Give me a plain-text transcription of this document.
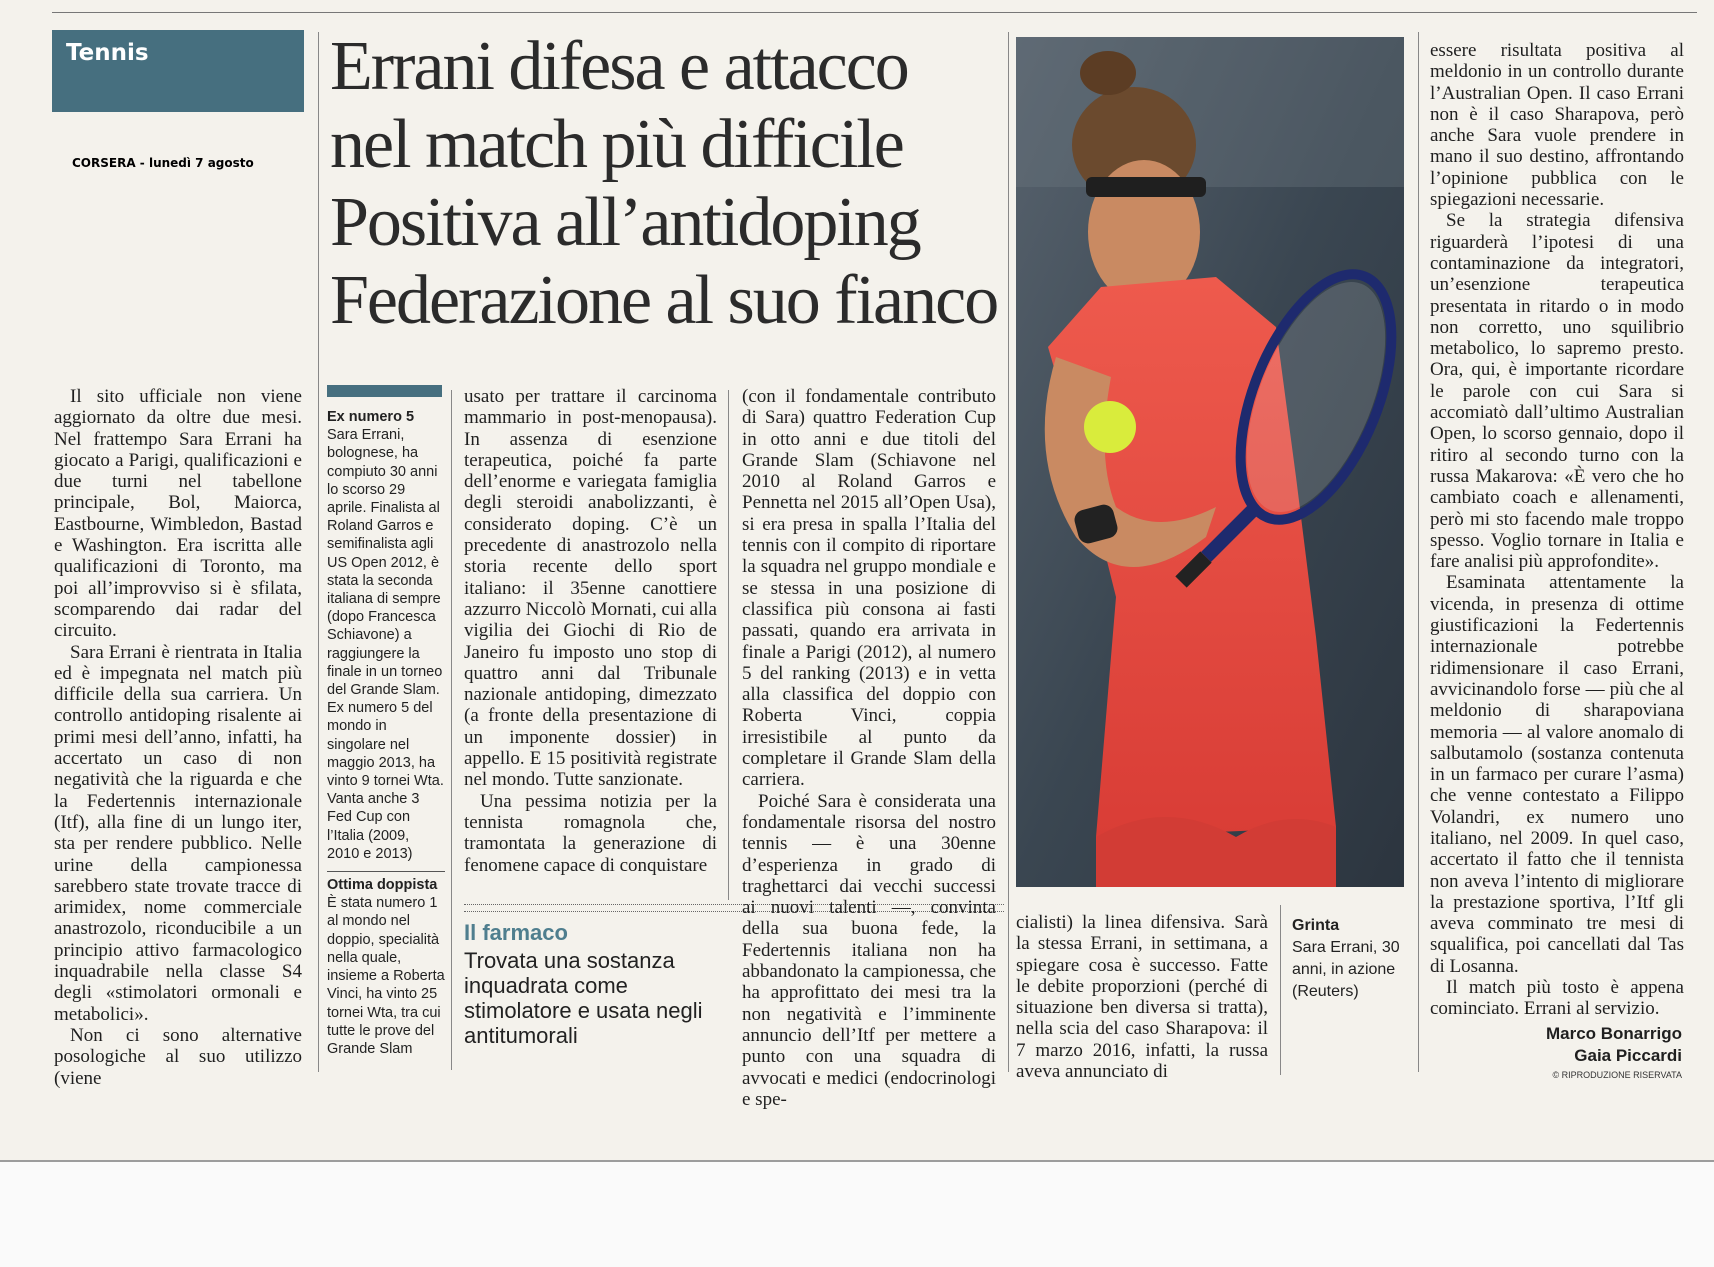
Tennis
CORSERA - lunedì 7 agosto
Errani difesa e attacco
nel match più difficile
Positiva all’antidoping
Federazione al suo fianco

Il sito ufficiale non viene aggiornato da oltre due mesi. Nel frattempo Sara Errani ha giocato a Parigi, qualificazioni e due turni nel tabellone principale, Bol, Maiorca, Eastbourne, Wimbledon, Bastad e Washington. Era iscritta alle qualificazioni di Toronto, ma poi all’improvviso si è sfilata, scomparendo dai radar del circuito.

Sara Errani è rientrata in Italia ed è impegnata nel match più difficile della sua carriera. Un controllo antidoping risalente ai primi mesi dell’anno, infatti, ha accertato un caso di non negatività che la riguarda e che la Federtennis internazionale (Itf), alla fine di un lungo iter, sta per rendere pubblico. Nelle urine della campionessa sarebbero state trovate tracce di arimidex, nome commerciale anastrozolo, riconducibile a un principio attivo farmacologico inquadrabile nella classe S4 degli «stimolatori ormonali e metabolici».

Non ci sono alternative posologiche al suo utilizzo (viene

Ex numero 5
Sara Errani, bolognese, ha compiuto 30 anni lo scorso 29 aprile. Finalista al Roland Garros e semifinalista agli US Open 2012, è stata la seconda italiana di sempre (dopo Francesca Schiavone) a raggiungere la finale in un torneo del Grande Slam. Ex numero 5 del mondo in singolare nel maggio 2013, ha vinto 9 tornei Wta. Vanta anche 3 Fed Cup con l’Italia (2009, 2010 e 2013)
Ottima doppista
È stata numero 1 al mondo nel doppio, specialità nella quale, insieme a Roberta Vinci, ha vinto 25 tornei Wta, tra cui tutte le prove del Grande Slam

usato per trattare il carcinoma mammario in post-menopausa). In assenza di esenzione terapeutica, poiché fa parte dell’enorme e variegata famiglia degli steroidi anabolizzanti, è considerato doping. C’è un precedente di anastrozolo nella storia recente dello sport italiano: il 35enne canottiere azzurro Niccolò Mornati, cui alla vigilia dei Giochi di Rio de Janeiro fu imposto uno stop di quattro anni dal Tribunale nazionale antidoping, dimezzato (a fronte della presentazione di un imponente dossier) in appello. E 15 positività registrate nel mondo. Tutte sanzionate.

Una pessima notizia per la tennista romagnola che, tramontata la generazione di fenomene capace di conquistare

Il farmaco
Trovata una sostanza inquadrata come stimolatore e usata negli antitumorali

(con il fondamentale contributo di Sara) quattro Federation Cup in otto anni e due titoli del Grande Slam (Schiavone nel 2010 al Roland Garros e Pennetta nel 2015 all’Open Usa), si era presa in spalla l’Italia del tennis con il compito di riportare la squadra nel gruppo mondiale e se stessa in una posizione di classifica più consona ai fasti passati, quando era arrivata in finale a Parigi (2012), al numero 5 del ranking (2013) e in vetta alla classifica del doppio con Roberta Vinci, coppia irresistibile al punto da completare il Grande Slam della carriera.

Poiché Sara è considerata una fondamentale risorsa del nostro tennis — è una 30enne d’esperienza in grado di traghettarci dai vecchi successi ai nuovi talenti —, convinta della sua buona fede, la Federtennis italiana non ha abbandonato la campionessa, che ha approfittato dei mesi tra la non negatività e l’imminente annuncio dell’Itf per mettere a punto con una squadra di avvocati e medici (endocrinologi e spe-

Grinta
Sara Errani, 30 anni, in azione (Reuters)

cialisti) la linea difensiva. Sarà la stessa Errani, in settimana, a spiegare cosa è successo. Fatte le debite proporzioni (perché di situazione ben diversa si tratta), nella scia del caso Sharapova: il 7 marzo 2016, infatti, la russa aveva annunciato di

essere risultata positiva al meldonio in un controllo durante l’Australian Open. Il caso Errani non è il caso Sharapova, però anche Sara vuole prendere in mano il suo destino, affrontando l’opinione pubblica con le spiegazioni necessarie.

Se la strategia difensiva riguarderà l’ipotesi di una contaminazione da integratori, un’esenzione terapeutica presentata in ritardo o in modo non corretto, uno squilibrio metabolico, lo sapremo presto. Ora, qui, è importante ricordare le parole con cui Sara si accomiatò dall’ultimo Australian Open, lo scorso gennaio, dopo il ritiro al secondo turno con la russa Makarova: «È vero che ho cambiato coach e allenamenti, però mi sto facendo male troppo spesso. Voglio tornare in Italia e fare analisi più approfondite».

Esaminata attentamente la vicenda, in presenza di ottime giustificazioni la Federtennis internazionale potrebbe ridimensionare il caso Errani, avvicinandolo forse — più che al meldonio di sharapoviana memoria — al valore anomalo di salbutamolo (sostanza contenuta in un farmaco per curare l’asma) che venne contestato a Filippo Volandri, ex numero uno italiano, nel 2009. In quel caso, accertato il fatto che il tennista non aveva l’intento di migliorare la prestazione sportiva, l’Itf gli aveva comminato tre mesi di squalifica, poi cancellati dal Tas di Losanna.

Il match più tosto è appena cominciato. Errani al servizio.

Marco Bonarrigo
Gaia Piccardi
© RIPRODUZIONE RISERVATA
